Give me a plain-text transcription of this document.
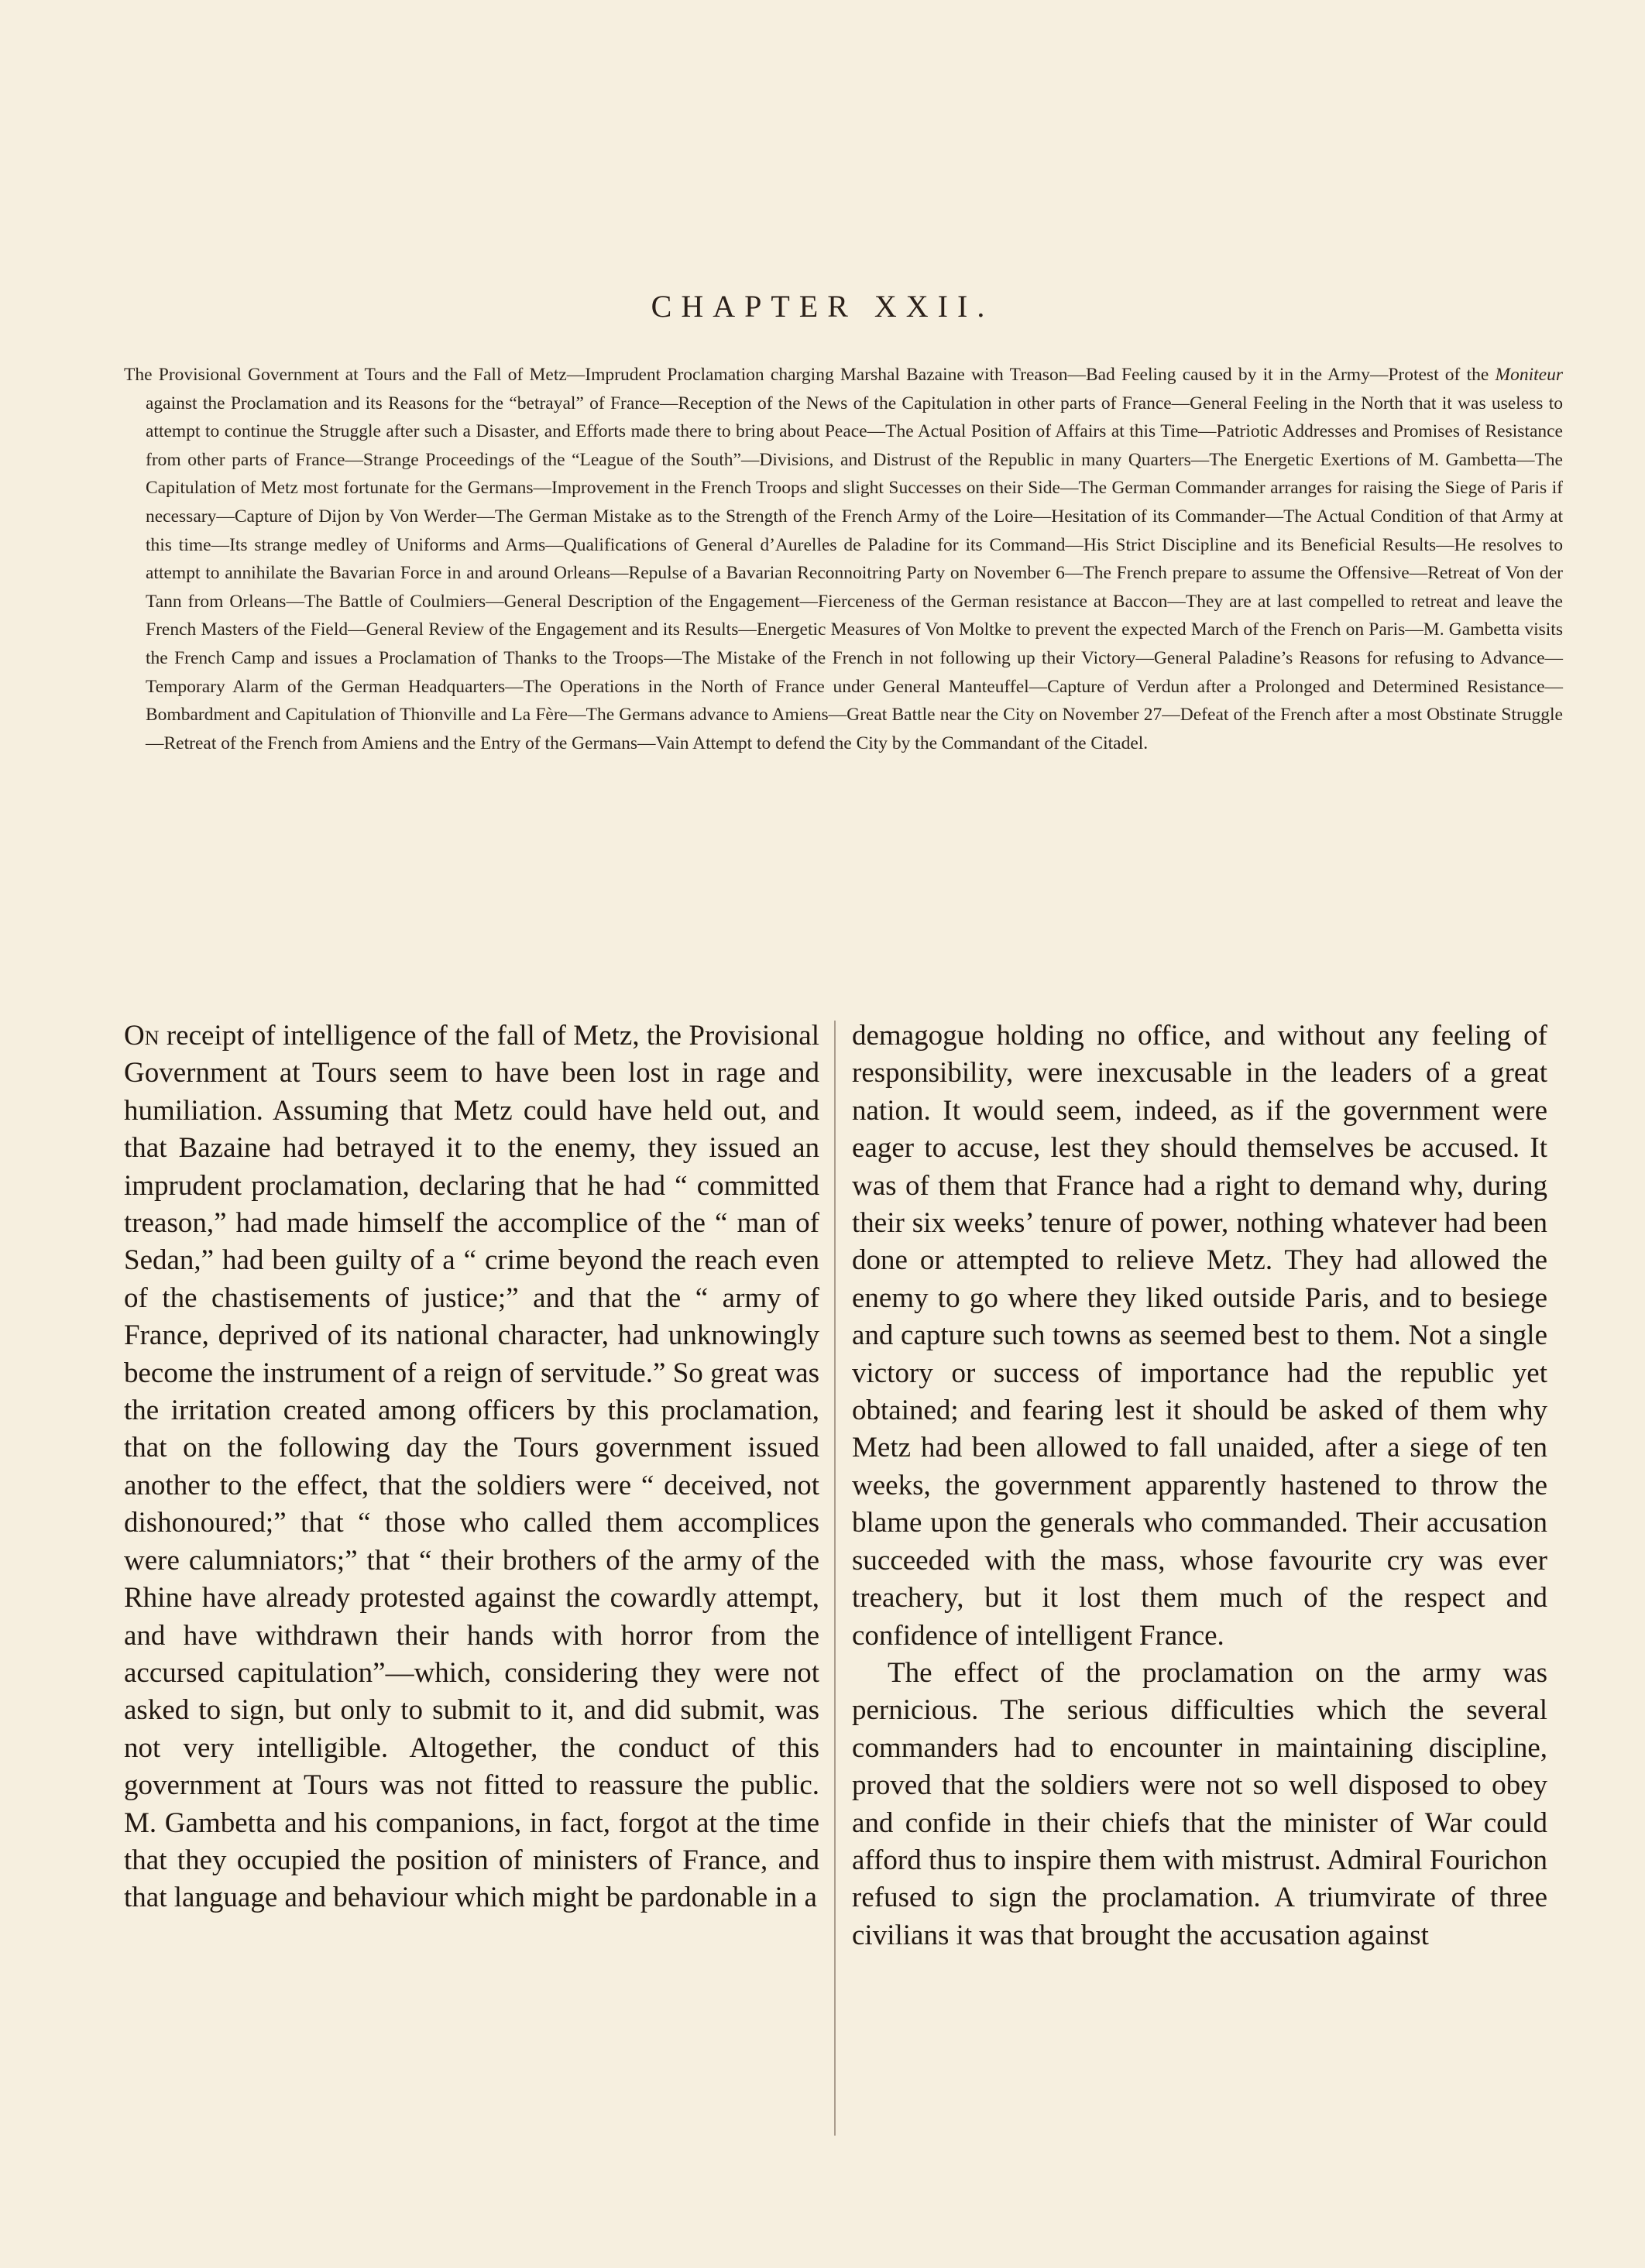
CHAPTER XXII.
The Provisional Government at Tours and the Fall of Metz—Imprudent Proclamation charging Marshal Bazaine with Treason—Bad Feeling caused by it in the Army—Protest of the Moniteur against the Proclamation and its Reasons for the “betrayal” of France—Reception of the News of the Capitulation in other parts of France—General Feeling in the North that it was useless to attempt to continue the Struggle after such a Disaster, and Efforts made there to bring about Peace—The Actual Position of Affairs at this Time—Patriotic Addresses and Promises of Resistance from other parts of France—Strange Proceedings of the “League of the South”—Divisions, and Distrust of the Republic in many Quarters—The Energetic Exertions of M. Gambetta—The Capitulation of Metz most fortunate for the Germans—Improvement in the French Troops and slight Successes on their Side—The German Commander arranges for raising the Siege of Paris if necessary—Capture of Dijon by Von Werder—The German Mistake as to the Strength of the French Army of the Loire—Hesitation of its Commander—The Actual Condition of that Army at this time—Its strange medley of Uniforms and Arms—Qualifications of General d’Aurelles de Paladine for its Command—His Strict Discipline and its Beneficial Results—He resolves to attempt to annihilate the Bavarian Force in and around Orleans—Repulse of a Bavarian Reconnoitring Party on November 6—The French prepare to assume the Offensive—Retreat of Von der Tann from Orleans—The Battle of Coulmiers—General Description of the Engagement—Fierceness of the German resistance at Baccon—They are at last compelled to retreat and leave the French Masters of the Field—General Review of the Engagement and its Results—Energetic Measures of Von Moltke to prevent the expected March of the French on Paris—M. Gambetta visits the French Camp and issues a Proclamation of Thanks to the Troops—The Mistake of the French in not following up their Victory—General Paladine’s Reasons for refusing to Advance—Temporary Alarm of the German Headquarters—The Operations in the North of France under General Manteuffel—Capture of Verdun after a Prolonged and Determined Resistance—Bombardment and Capitulation of Thionville and La Fère—The Germans advance to Amiens—Great Battle near the City on November 27—Defeat of the French after a most Obstinate Struggle—Retreat of the French from Amiens and the Entry of the Germans—Vain Attempt to defend the City by the Commandant of the Citadel.

On receipt of intelligence of the fall of Metz, the Provisional Government at Tours seem to have been lost in rage and humiliation. Assuming that Metz could have held out, and that Bazaine had betrayed it to the enemy, they issued an imprudent proclamation, declaring that he had “ committed treason,” had made himself the accomplice of the “ man of Sedan,” had been guilty of a “ crime beyond the reach even of the chastisements of justice;” and that the “ army of France, deprived of its national character, had unknowingly become the instrument of a reign of servitude.” So great was the irritation created among officers by this proclamation, that on the following day the Tours government issued another to the effect, that the soldiers were “ deceived, not dishonoured;” that “ those who called them accomplices were calumniators;” that “ their brothers of the army of the Rhine have already protested against the cowardly attempt, and have withdrawn their hands with horror from the accursed capitulation”—which, considering they were not asked to sign, but only to submit to it, and did submit, was not very intelligible. Altogether, the conduct of this government at Tours was not fitted to reassure the public. M. Gambetta and his companions, in fact, forgot at the time that they occupied the position of ministers of France, and that language and behaviour which might be pardonable in a

demagogue holding no office, and without any feeling of responsibility, were inexcusable in the leaders of a great nation. It would seem, indeed, as if the government were eager to accuse, lest they should themselves be accused. It was of them that France had a right to demand why, during their six weeks’ tenure of power, nothing whatever had been done or attempted to relieve Metz. They had allowed the enemy to go where they liked outside Paris, and to besiege and capture such towns as seemed best to them. Not a single victory or success of importance had the republic yet obtained; and fearing lest it should be asked of them why Metz had been allowed to fall unaided, after a siege of ten weeks, the government apparently hastened to throw the blame upon the generals who commanded. Their accusation succeeded with the mass, whose favourite cry was ever treachery, but it lost them much of the respect and confidence of intelligent France.

The effect of the proclamation on the army was pernicious. The serious difficulties which the several commanders had to encounter in maintaining discipline, proved that the soldiers were not so well disposed to obey and confide in their chiefs that the minister of War could afford thus to inspire them with mistrust. Admiral Fourichon refused to sign the proclamation. A triumvirate of three civilians it was that brought the accusation against
